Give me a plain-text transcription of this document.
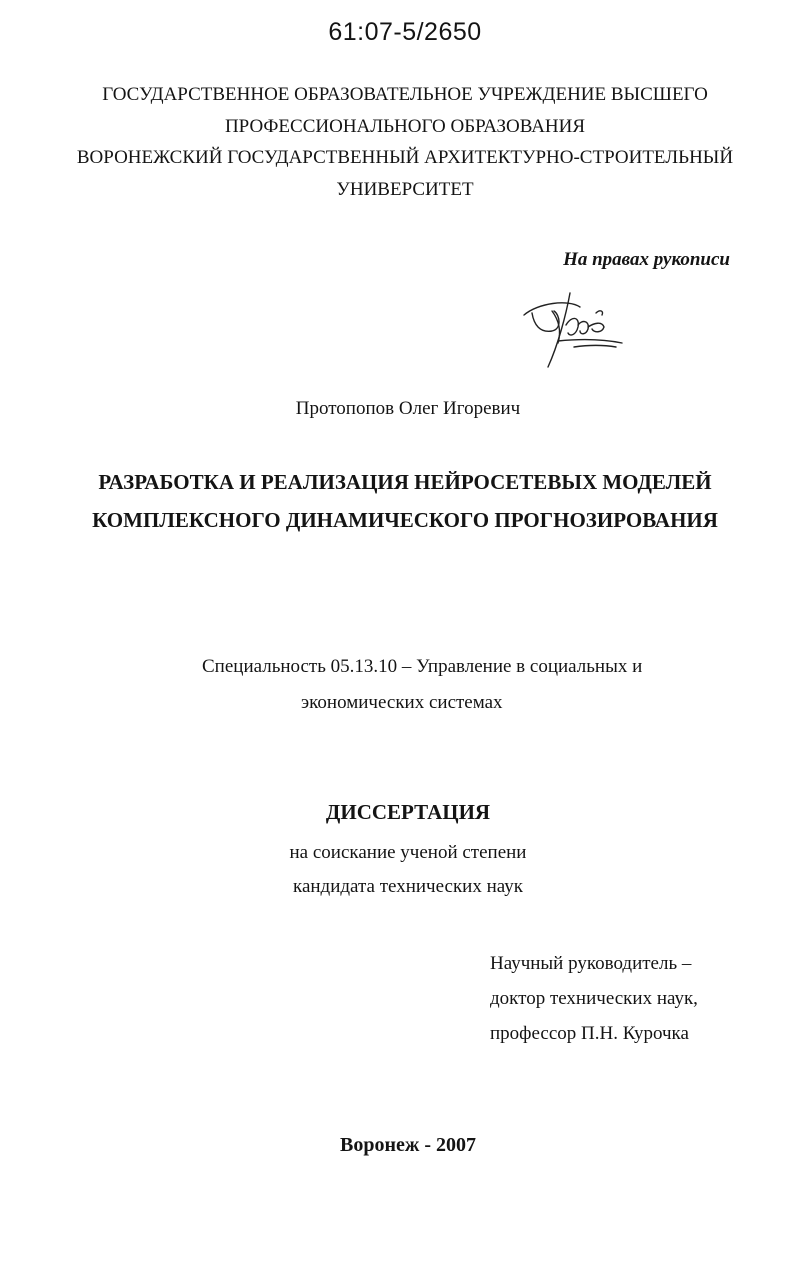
61:07-5/2650
ГОСУДАРСТВЕННОЕ ОБРАЗОВАТЕЛЬНОЕ УЧРЕЖДЕНИЕ ВЫСШЕГО
ПРОФЕССИОНАЛЬНОГО ОБРАЗОВАНИЯ
ВОРОНЕЖСКИЙ ГОСУДАРСТВЕННЫЙ АРХИТЕКТУРНО-СТРОИТЕЛЬНЫЙ
УНИВЕРСИТЕТ
На правах рукописи
Протопопов Олег Игоревич
РАЗРАБОТКА И РЕАЛИЗАЦИЯ НЕЙРОСЕТЕВЫХ МОДЕЛЕЙ
КОМПЛЕКСНОГО ДИНАМИЧЕСКОГО ПРОГНОЗИРОВАНИЯ
Специальность 05.13.10 – Управление в социальных и
экономических системах
ДИССЕРТАЦИЯ
на соискание ученой степени
кандидата технических наук
Научный руководитель –
доктор технических наук,
профессор П.Н. Курочка
Воронеж - 2007
